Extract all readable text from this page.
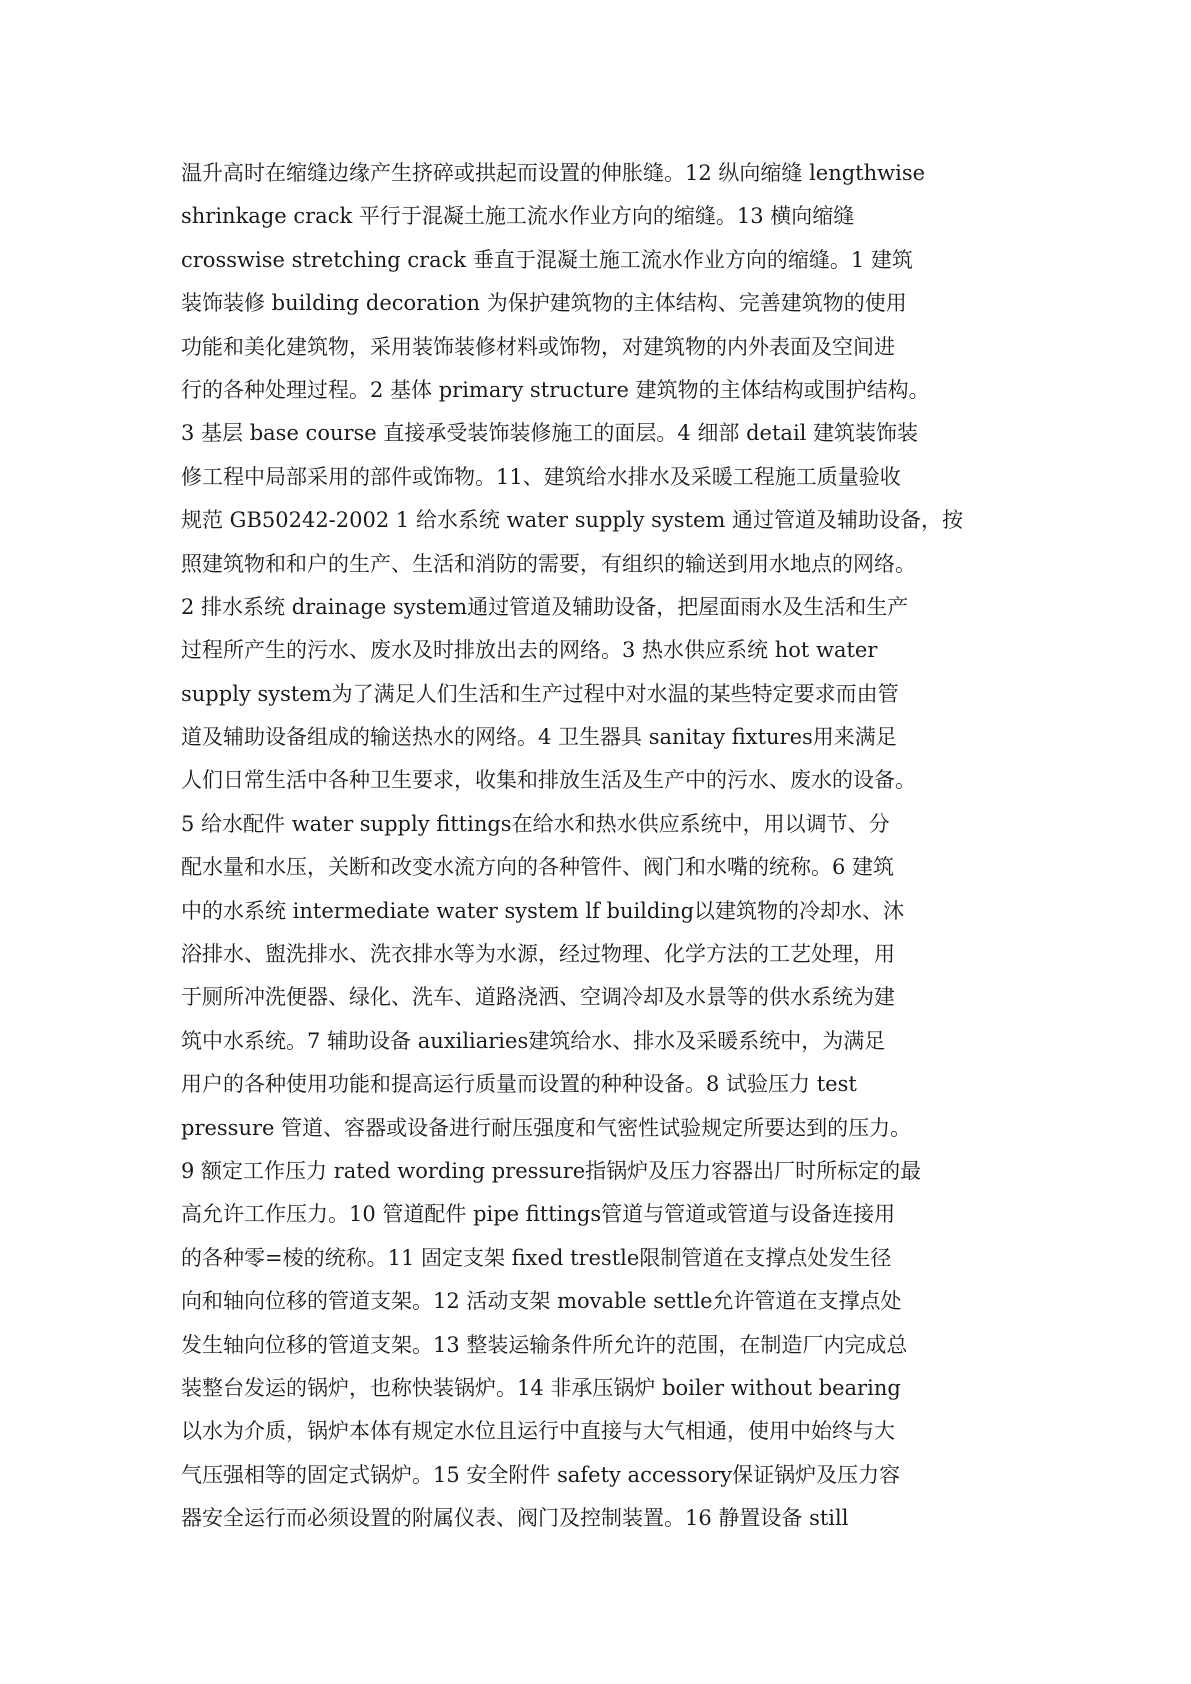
温升高时在缩缝边缘产生挤碎或拱起而设置的伸胀缝。12 纵向缩缝 lengthwise
shrinkage crack 平行于混凝土施工流水作业方向的缩缝。13 横向缩缝
crosswise stretching crack 垂直于混凝土施工流水作业方向的缩缝。1 建筑
装饰装修 building decoration 为保护建筑物的主体结构、完善建筑物的使用
功能和美化建筑物，采用装饰装修材料或饰物，对建筑物的内外表面及空间进
行的各种处理过程。2 基体 primary structure 建筑物的主体结构或围护结构。
3 基层 base course 直接承受装饰装修施工的面层。4 细部 detail 建筑装饰装
修工程中局部采用的部件或饰物。11、建筑给水排水及采暖工程施工质量验收
规范 GB50242-2002 1 给水系统 water supply system 通过管道及辅助设备，按
照建筑物和和户的生产、生活和消防的需要，有组织的输送到用水地点的网络。
2 排水系统 drainage system通过管道及辅助设备，把屋面雨水及生活和生产
过程所产生的污水、废水及时排放出去的网络。3 热水供应系统 hot water
supply system为了满足人们生活和生产过程中对水温的某些特定要求而由管
道及辅助设备组成的输送热水的网络。4 卫生器具 sanitay fixtures用来满足
人们日常生活中各种卫生要求，收集和排放生活及生产中的污水、废水的设备。
5 给水配件 water supply fittings在给水和热水供应系统中，用以调节、分
配水量和水压，关断和改变水流方向的各种管件、阀门和水嘴的统称。6 建筑
中的水系统 intermediate water system lf building以建筑物的冷却水、沐
浴排水、盥洗排水、洗衣排水等为水源，经过物理、化学方法的工艺处理，用
于厕所冲洗便器、绿化、洗车、道路浇洒、空调冷却及水景等的供水系统为建
筑中水系统。7 辅助设备 auxiliaries建筑给水、排水及采暖系统中，为满足
用户的各种使用功能和提高运行质量而设置的种种设备。8 试验压力 test
pressure 管道、容器或设备进行耐压强度和气密性试验规定所要达到的压力。
9 额定工作压力 rated wording pressure指锅炉及压力容器出厂时所标定的最
高允许工作压力。10 管道配件 pipe fittings管道与管道或管道与设备连接用
的各种零=棱的统称。11 固定支架 fixed trestle限制管道在支撑点处发生径
向和轴向位移的管道支架。12 活动支架 movable settle允许管道在支撑点处
发生轴向位移的管道支架。13 整装运输条件所允许的范围，在制造厂内完成总
装整台发运的锅炉，也称快装锅炉。14 非承压锅炉 boiler without bearing
以水为介质，锅炉本体有规定水位且运行中直接与大气相通，使用中始终与大
气压强相等的固定式锅炉。15 安全附件 safety accessory保证锅炉及压力容
器安全运行而必须设置的附属仪表、阀门及控制装置。16 静置设备 still
